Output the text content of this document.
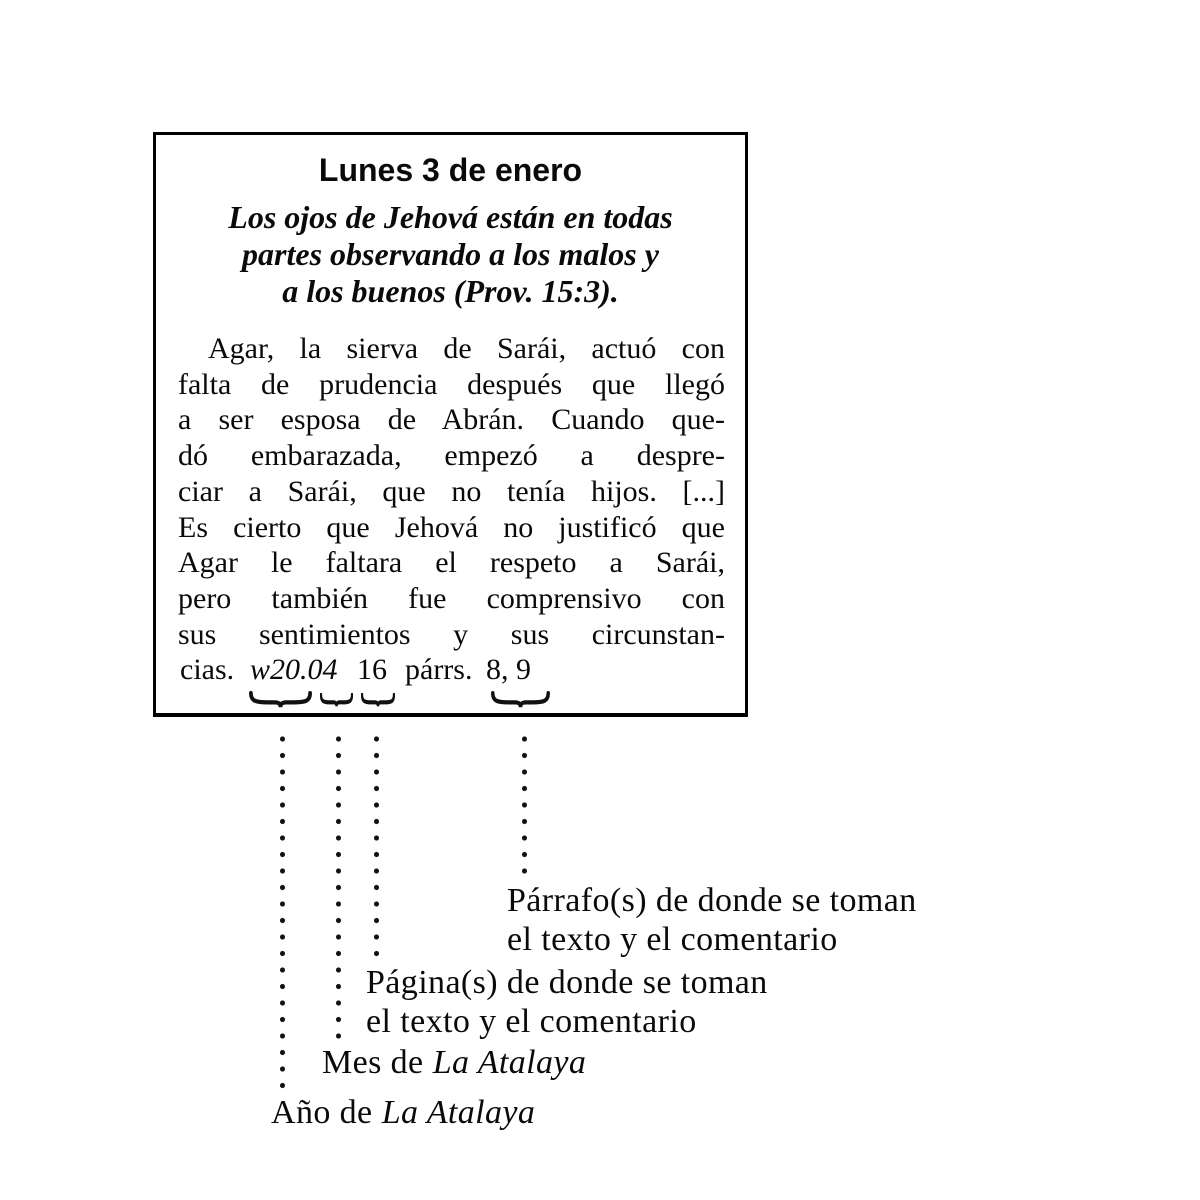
Lunes 3 de enero
Los ojos de Jehová están en todas
partes observando a los malos y
a los buenos (Prov. 15:3).
Agar, la sierva de Sarái, actuó con
falta de prudencia después que llegó
a ser esposa de Abrán. Cuando que-
dó embarazada, empezó a despre-
ciar a Sarái, que no tenía hijos. [...]
Es cierto que Jehová no justificó que
Agar le faltara el respeto a Sarái,
pero también fue comprensivo con
sus sentimientos y sus circunstan-
cias. w20.04 16 párrs. 8, 9
Párrafo(s) de donde se toman
el texto y el comentario
Página(s) de donde se toman
el texto y el comentario
Mes de La Atalaya
Año de La Atalaya
